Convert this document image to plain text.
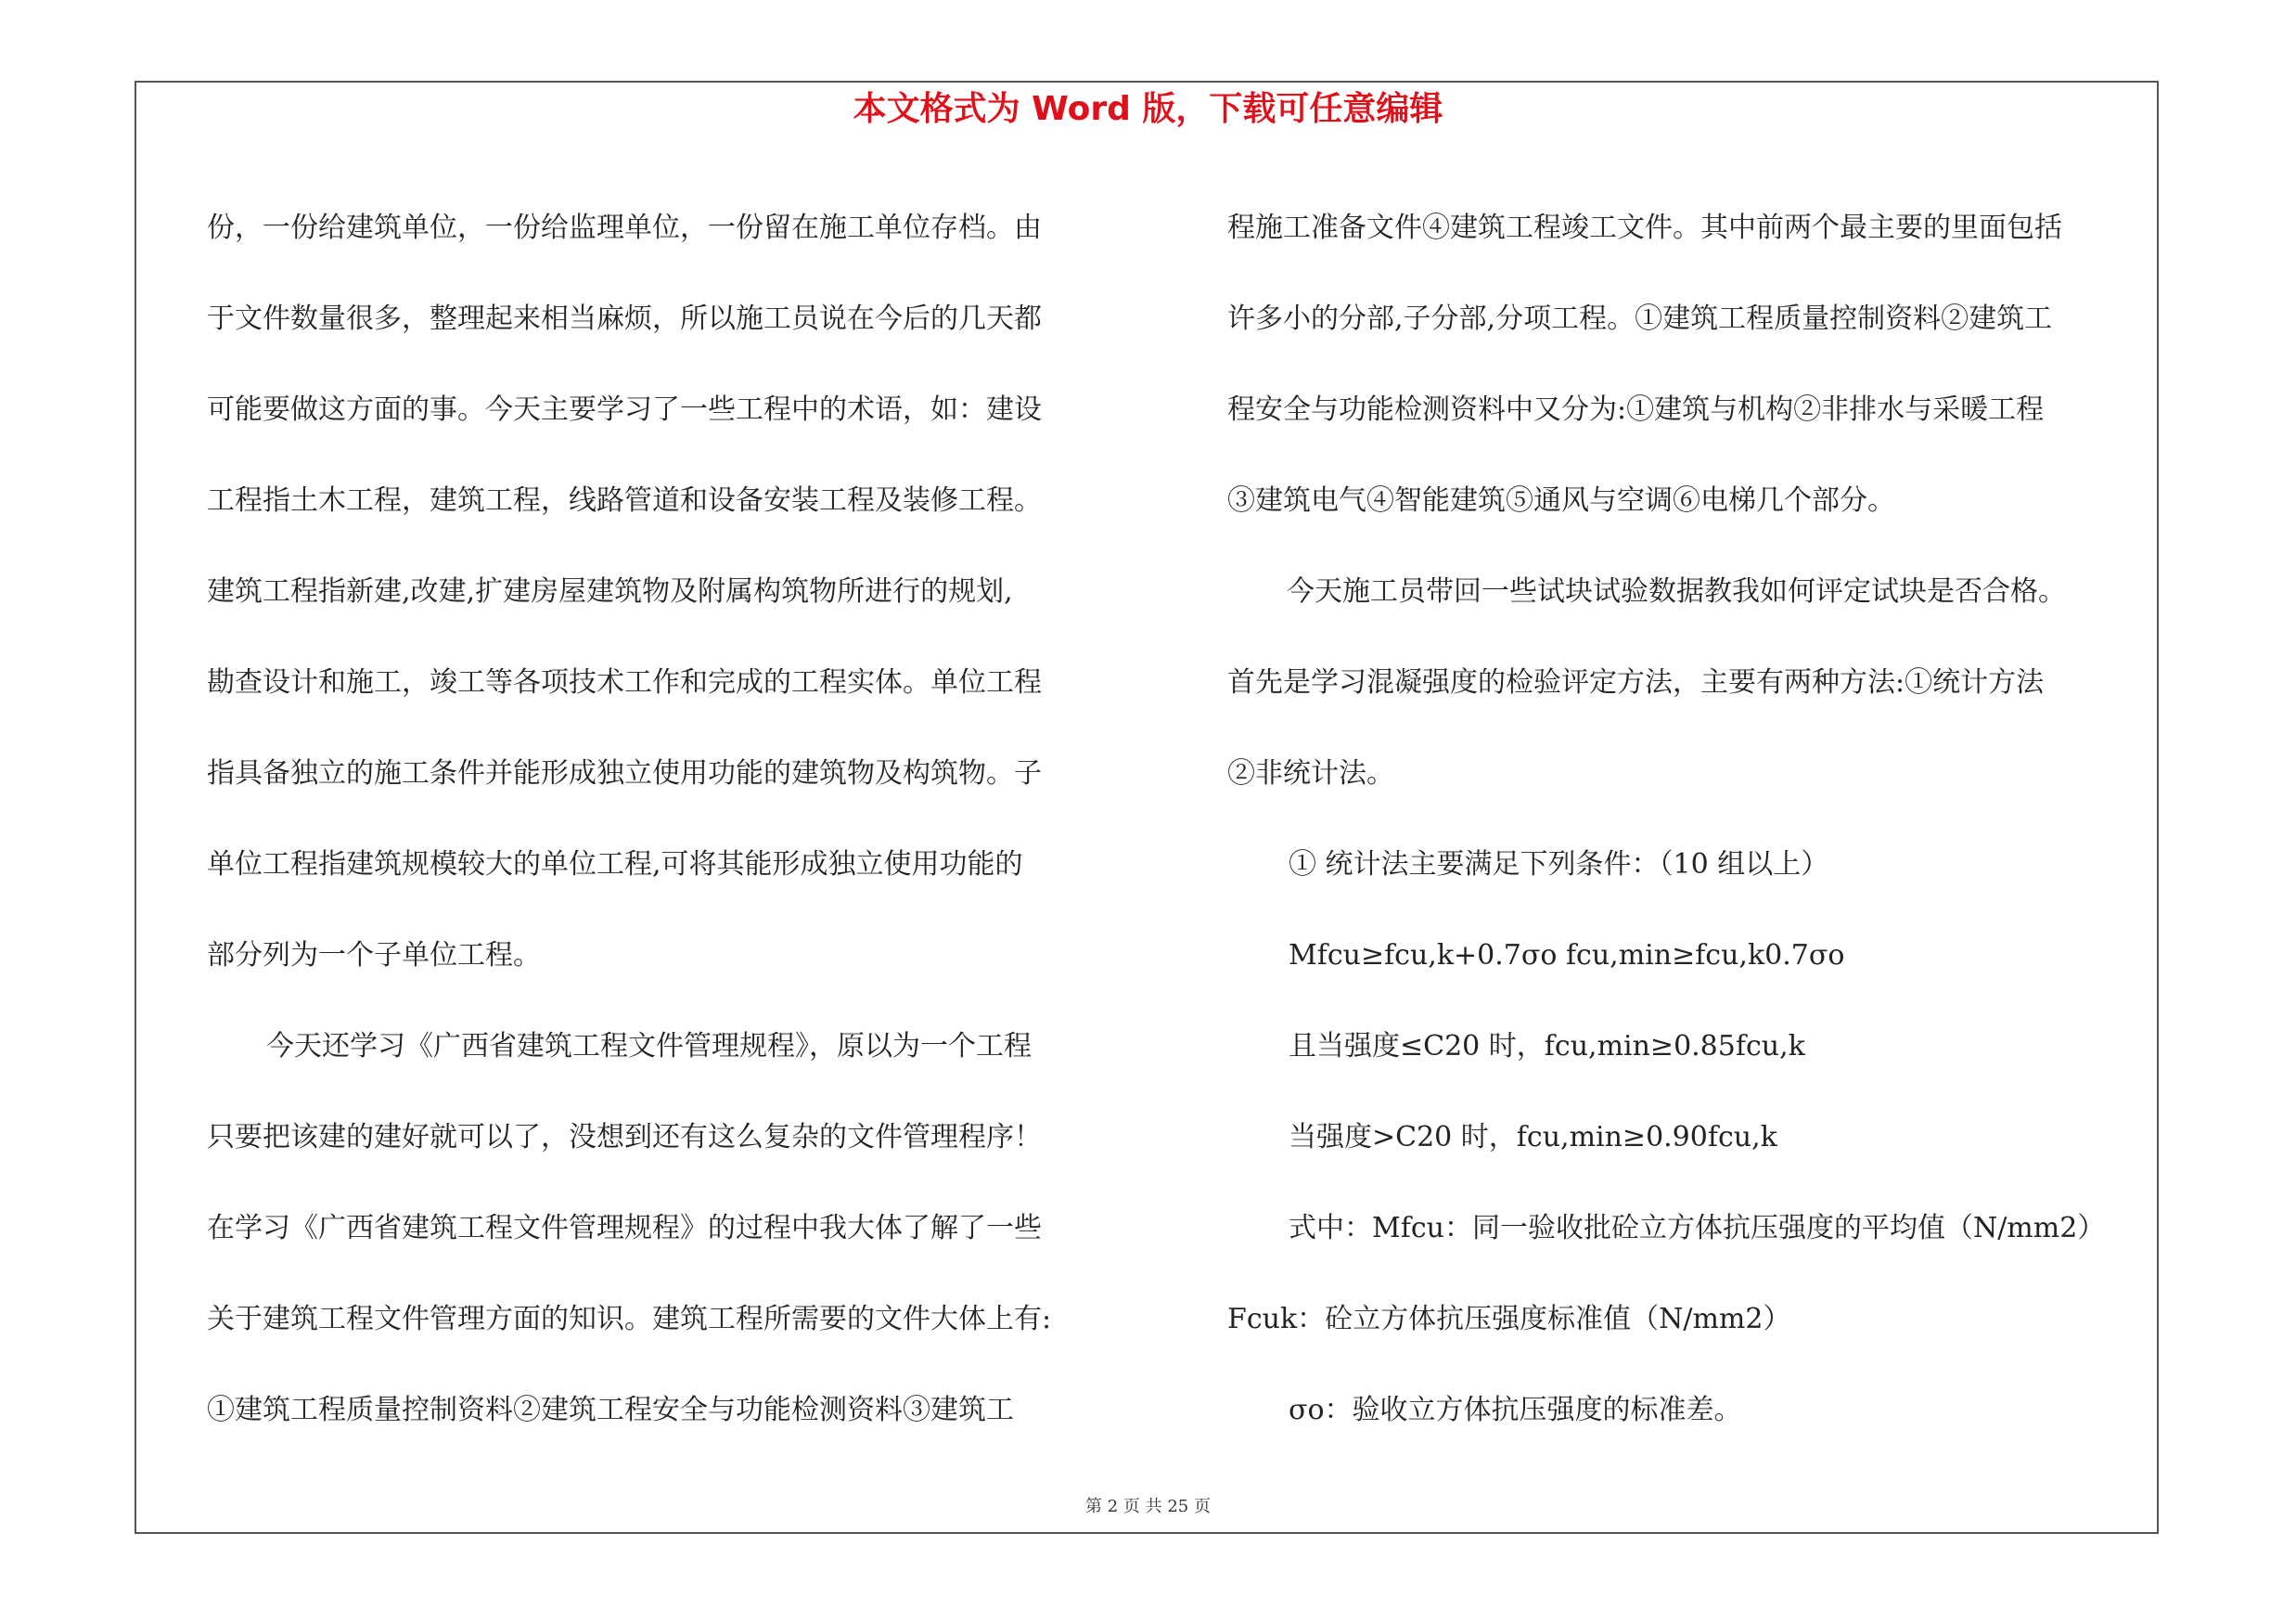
本文格式为 Word 版，下载可任意编辑
份，一份给建筑单位，一份给监理单位，一份留在施工单位存档。由
于文件数量很多，整理起来相当麻烦，所以施工员说在今后的几天都
可能要做这方面的事。今天主要学习了一些工程中的术语，如：建设
工程指土木工程，建筑工程，线路管道和设备安装工程及装修工程。
建筑工程指新建,改建,扩建房屋建筑物及附属构筑物所进行的规划,
勘查设计和施工，竣工等各项技术工作和完成的工程实体。单位工程
指具备独立的施工条件并能形成独立使用功能的建筑物及构筑物。子
单位工程指建筑规模较大的单位工程,可将其能形成独立使用功能的
部分列为一个子单位工程。
今天还学习《广西省建筑工程文件管理规程》，原以为一个工程
只要把该建的建好就可以了，没想到还有这么复杂的文件管理程序！
在学习《广西省建筑工程文件管理规程》的过程中我大体了解了一些
关于建筑工程文件管理方面的知识。建筑工程所需要的文件大体上有:
①建筑工程质量控制资料②建筑工程安全与功能检测资料③建筑工
程施工准备文件④建筑工程竣工文件。其中前两个最主要的里面包括
许多小的分部,子分部,分项工程。①建筑工程质量控制资料②建筑工
程安全与功能检测资料中又分为:①建筑与机构②非排水与采暖工程
③建筑电气④智能建筑⑤通风与空调⑥电梯几个部分。
今天施工员带回一些试块试验数据教我如何评定试块是否合格。
首先是学习混凝强度的检验评定方法，主要有两种方法:①统计方法
②非统计法。
① 统计法主要满足下列条件：（10 组以上）
Mfcu≥fcu,k+0.7σo fcu,min≥fcu,k0.7σo
且当强度≤C20 时，fcu,min≥0.85fcu,k
当强度>C20 时，fcu,min≥0.90fcu,k
式中：Mfcu：同一验收批砼立方体抗压强度的平均值（N/mm2）
Fcuk：砼立方体抗压强度标准值（N/mm2）
σo：验收立方体抗压强度的标准差。
第 2 页 共 25 页
